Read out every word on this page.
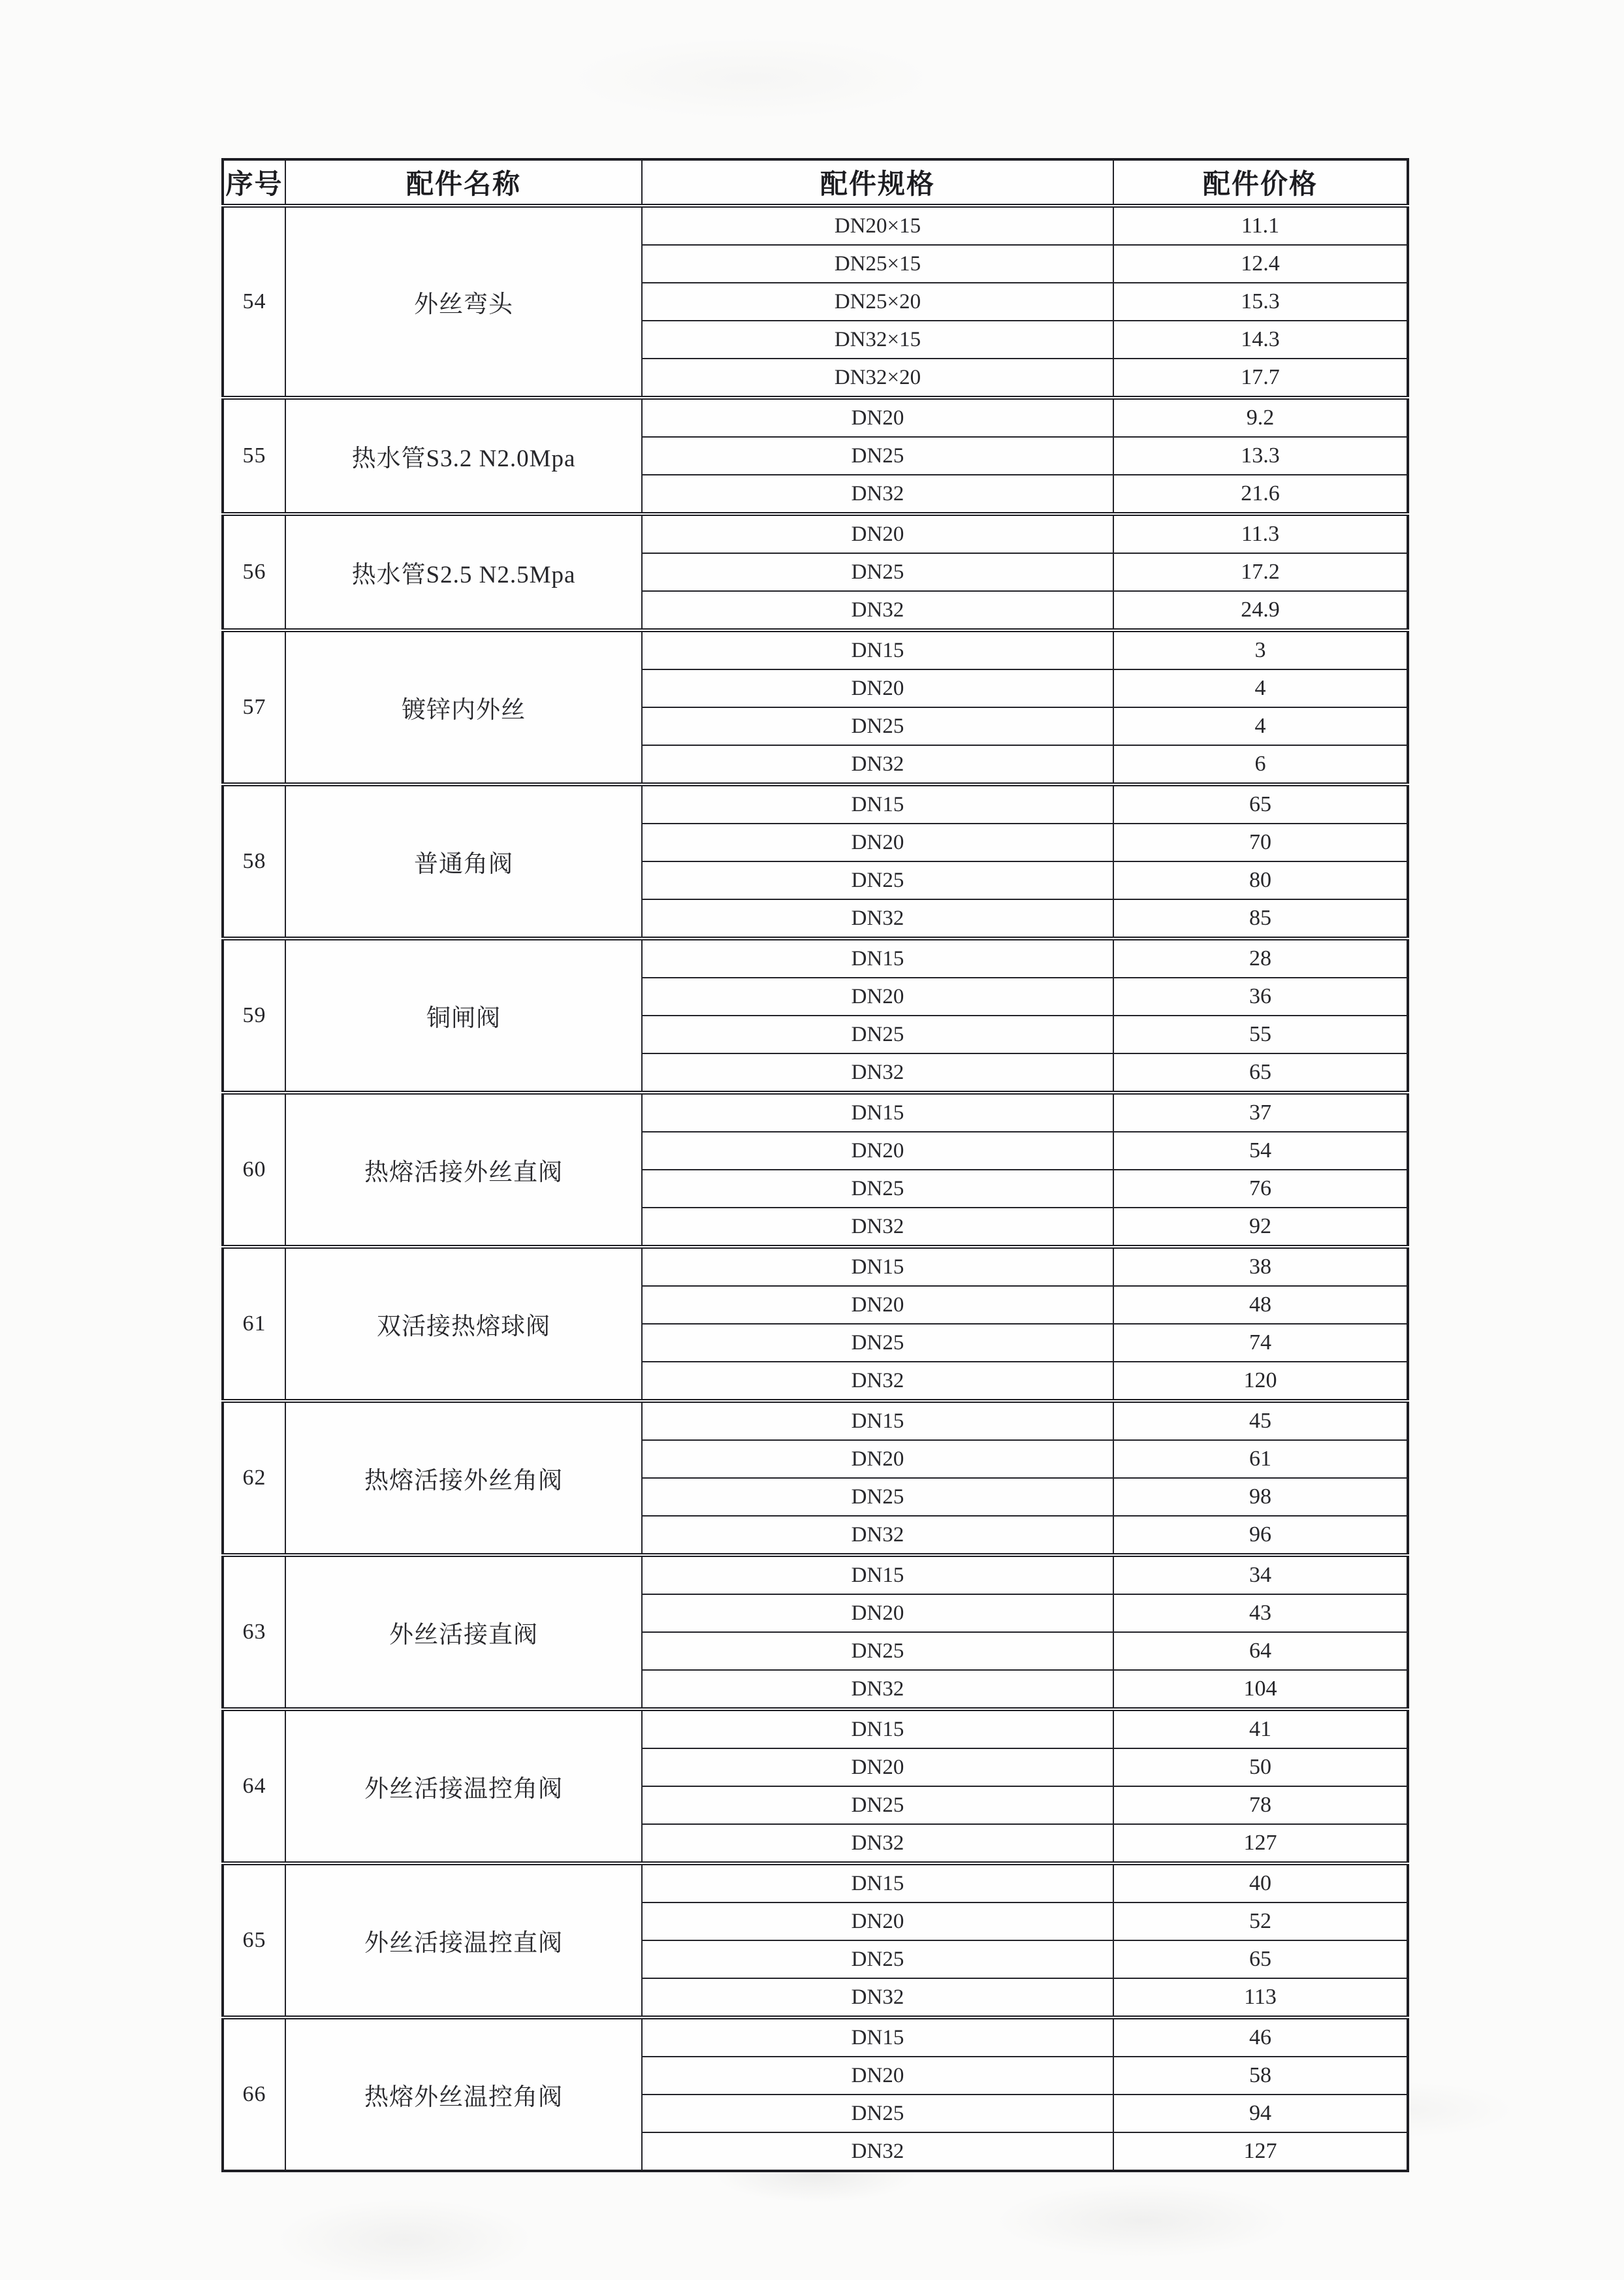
序号	配件名称	配件规格	配件价格
54	外丝弯头	DN20×15	11.1
		DN25×15	12.4
		DN25×20	15.3
		DN32×15	14.3
		DN32×20	17.7
55	热水管S3.2 N2.0Mpa	DN20	9.2
		DN25	13.3
		DN32	21.6
56	热水管S2.5 N2.5Mpa	DN20	11.3
		DN25	17.2
		DN32	24.9
57	镀锌内外丝	DN15	3
		DN20	4
		DN25	4
		DN32	6
58	普通角阀	DN15	65
		DN20	70
		DN25	80
		DN32	85
59	铜闸阀	DN15	28
		DN20	36
		DN25	55
		DN32	65
60	热熔活接外丝直阀	DN15	37
		DN20	54
		DN25	76
		DN32	92
61	双活接热熔球阀	DN15	38
		DN20	48
		DN25	74
		DN32	120
62	热熔活接外丝角阀	DN15	45
		DN20	61
		DN25	98
		DN32	96
63	外丝活接直阀	DN15	34
		DN20	43
		DN25	64
		DN32	104
64	外丝活接温控角阀	DN15	41
		DN20	50
		DN25	78
		DN32	127
65	外丝活接温控直阀	DN15	40
		DN20	52
		DN25	65
		DN32	113
66	热熔外丝温控角阀	DN15	46
		DN20	58
		DN25	94
		DN32	127
